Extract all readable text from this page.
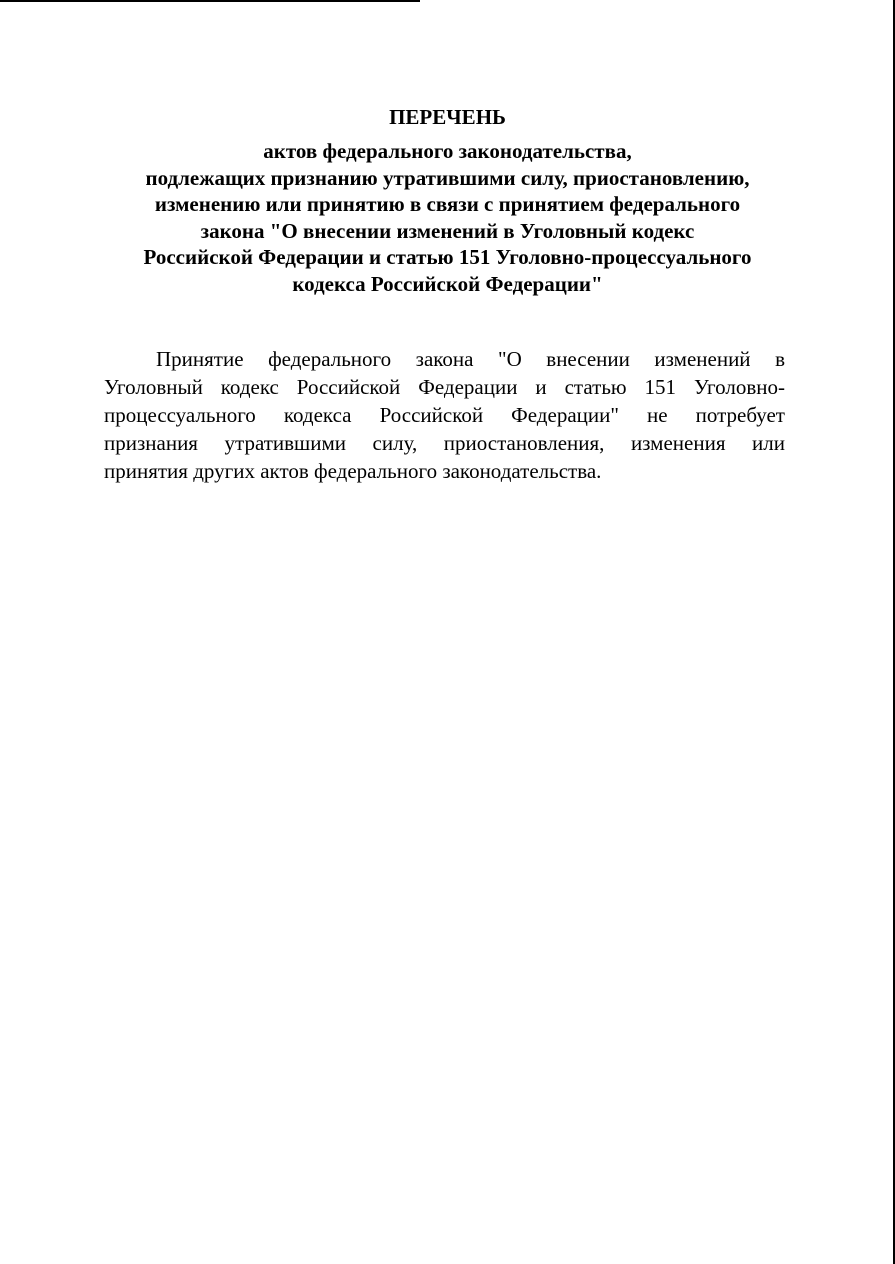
ПЕРЕЧЕНЬ
актов федерального законодательства,
подлежащих признанию утратившими силу, приостановлению,
изменению или принятию в связи с принятием федерального
закона "О внесении изменений в Уголовный кодекс
Российской Федерации и статью 151 Уголовно-процессуального
кодекса Российской Федерации"
Принятие федерального закона "О внесении изменений в
Уголовный кодекс Российской Федерации и статью 151 Уголовно-
процессуального кодекса Российской Федерации" не потребует
признания утратившими силу, приостановления, изменения или
принятия других актов федерального законодательства.
